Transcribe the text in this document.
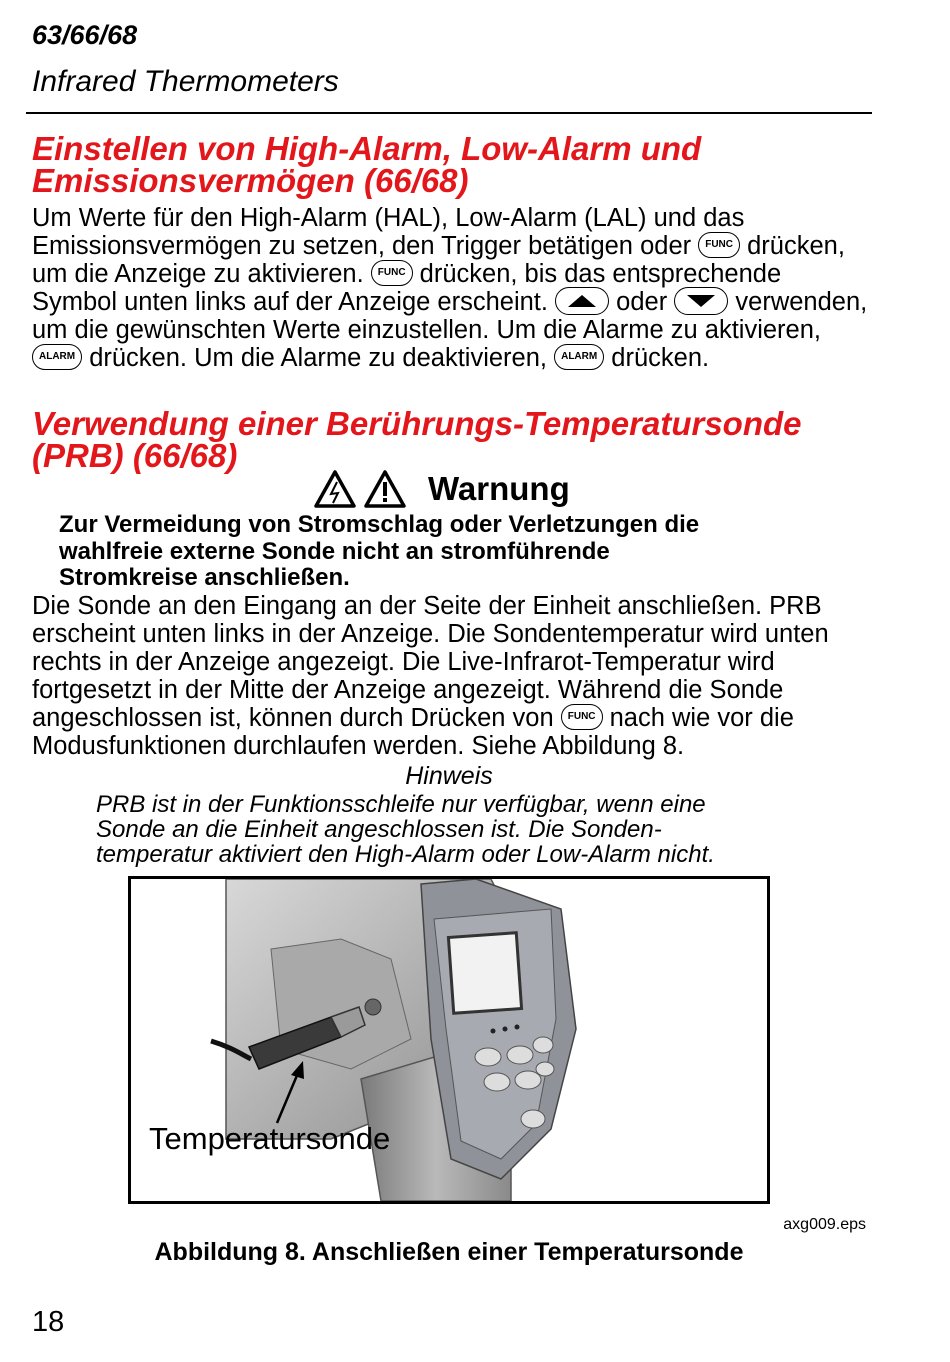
63/66/68
Infrared Thermometers
Einstellen von High-Alarm, Low-Alarm und
Emissionsvermögen (66/68)

Um Werte für den High-Alarm (HAL), Low-Alarm (LAL) und das Emissionsvermögen zu setzen, den Trigger betätigen oder FUNC drücken, um die Anzeige zu aktivieren. FUNC drücken, bis das entsprechende Symbol unten links auf der Anzeige erscheint.	oder	verwenden, um die gewünschten Werte einzustellen. Um die Alarme zu aktivieren, ALARM drücken. Um die Alarme zu deaktivieren, ALARM drücken.

Verwendung einer Berührungs-Temperatursonde
(PRB) (66/68)
Warnung

Zur Vermeidung von Stromschlag oder Verletzungen die
wahlfreie externe Sonde nicht an stromführende
Stromkreise anschließen.

Die Sonde an den Eingang an der Seite der Einheit anschließen. PRB erscheint unten links in der Anzeige. Die Sondentemperatur wird unten rechts in der Anzeige angezeigt. Die Live-Infrarot-Temperatur wird fortgesetzt in der Mitte der Anzeige angezeigt. Während die Sonde angeschlossen ist, können durch Drücken von FUNC nach wie vor die Modusfunktionen durchlaufen werden. Siehe Abbildung 8.

Hinweis

PRB ist in der Funktionsschleife nur verfügbar, wenn eine
Sonde an die Einheit angeschlossen ist. Die Sonden-
temperatur aktiviert den High-Alarm oder Low-Alarm nicht.

Temperatursonde
axg009.eps
Abbildung 8. Anschließen einer Temperatursonde
18
